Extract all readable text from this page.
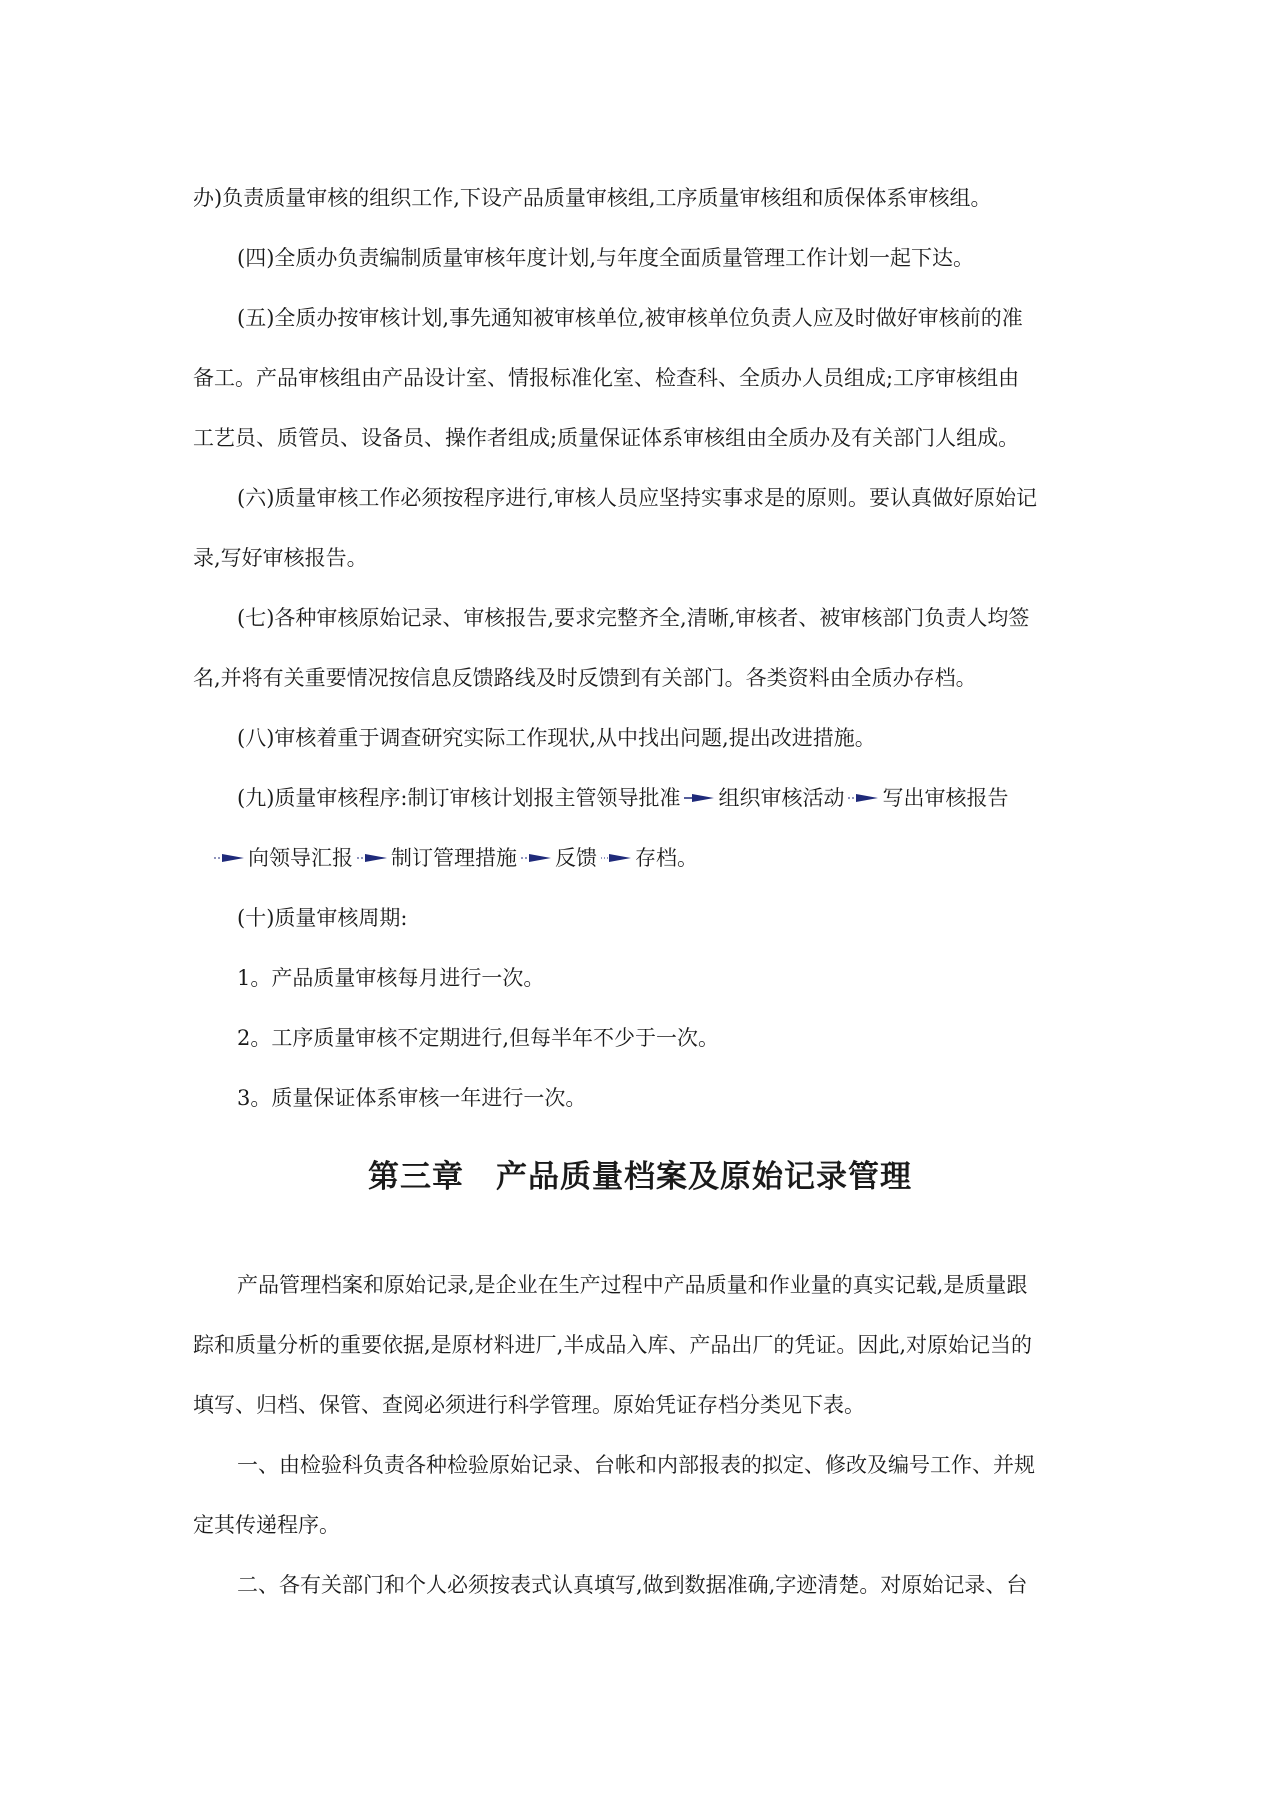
办)负责质量审核的组织工作,下设产品质量审核组,工序质量审核组和质保体系审核组。
(四)全质办负责编制质量审核年度计划,与年度全面质量管理工作计划一起下达。
(五)全质办按审核计划,事先通知被审核单位,被审核单位负责人应及时做好审核前的准
备工。产品审核组由产品设计室、情报标准化室、检查科、全质办人员组成;工序审核组由
工艺员、质管员、设备员、操作者组成;质量保证体系审核组由全质办及有关部门人组成。
(六)质量审核工作必须按程序进行,审核人员应坚持实事求是的原则。要认真做好原始记
录,写好审核报告。
(七)各种审核原始记录、审核报告,要求完整齐全,清晰,审核者、被审核部门负责人均签
名,并将有关重要情况按信息反馈路线及时反馈到有关部门。各类资料由全质办存档。
(八)审核着重于调查研究实际工作现状,从中找出问题,提出改进措施。
(九)质量审核程序:制订审核计划报主管领导批准 组织审核活动 写出审核报告
向领导汇报 制订管理措施 反馈 存档。
(十)质量审核周期:
1。产品质量审核每月进行一次。
2。工序质量审核不定期进行,但每半年不少于一次。
3。质量保证体系审核一年进行一次。
第三章　产品质量档案及原始记录管理
产品管理档案和原始记录,是企业在生产过程中产品质量和作业量的真实记载,是质量跟
踪和质量分析的重要依据,是原材料进厂,半成品入库、产品出厂的凭证。因此,对原始记当的
填写、归档、保管、查阅必须进行科学管理。原始凭证存档分类见下表。
一、由检验科负责各种检验原始记录、台帐和内部报表的拟定、修改及编号工作、并规
定其传递程序。
二、各有关部门和个人必须按表式认真填写,做到数据准确,字迹清楚。对原始记录、台
